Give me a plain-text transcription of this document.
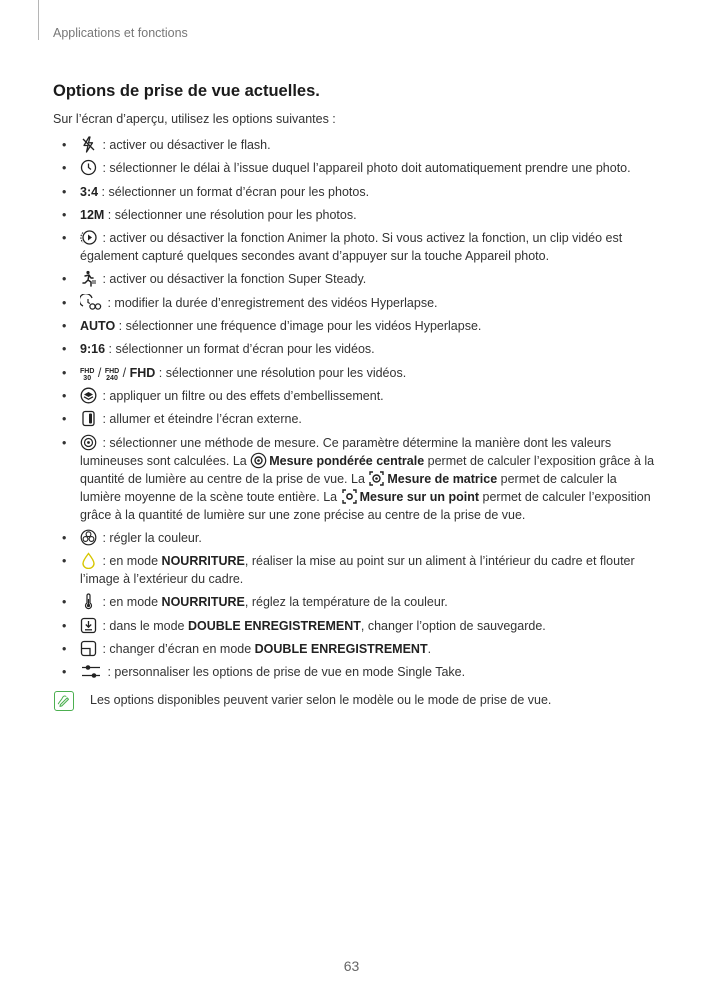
Applications et fonctions
Options de prise de vue actuelles.
Sur l’écran d’aperçu, utilisez les options suivantes :
• : activer ou désactiver le flash.
• : sélectionner le délai à l’issue duquel l’appareil photo doit automatiquement prendre une photo.
• 3:4 : sélectionner un format d’écran pour les photos.
• 12M : sélectionner une résolution pour les photos.
• : activer ou désactiver la fonction Animer la photo. Si vous activez la fonction, un clip vidéo est également capturé quelques secondes avant d’appuyer sur la touche Appareil photo.
• : activer ou désactiver la fonction Super Steady.
• : modifier la durée d’enregistrement des vidéos Hyperlapse.
• AUTO : sélectionner une fréquence d’image pour les vidéos Hyperlapse.
• 9:16 : sélectionner un format d’écran pour les vidéos.
• FHD
30 / FHD
240 / FHD : sélectionner une résolution pour les vidéos.
• : appliquer un filtre ou des effets d’embellissement.
• : allumer et éteindre l’écran externe.
• : sélectionner une méthode de mesure. Ce paramètre détermine la manière dont les valeurs lumineuses sont calculées. La
Mesure pondérée centrale permet de calculer l’exposition grâce à la quantité de lumière au centre de la prise de vue. La
Mesure de matrice permet de calculer la lumière moyenne de la scène toute entière. La
Mesure sur un point permet de calculer l’exposition grâce à la quantité de lumière sur une zone précise au centre de la prise de vue.
• : régler la couleur.
• : en mode NOURRITURE, réaliser la mise au point sur un aliment à l’intérieur du cadre et flouter l’image à l’extérieur du cadre.
• : en mode NOURRITURE, réglez la température de la couleur.
• : dans le mode DOUBLE ENREGISTREMENT, changer l’option de sauvegarde.
• : changer d’écran en mode DOUBLE ENREGISTREMENT.
• : personnaliser les options de prise de vue en mode Single Take.
Les options disponibles peuvent varier selon le modèle ou le mode de prise de vue.
63
